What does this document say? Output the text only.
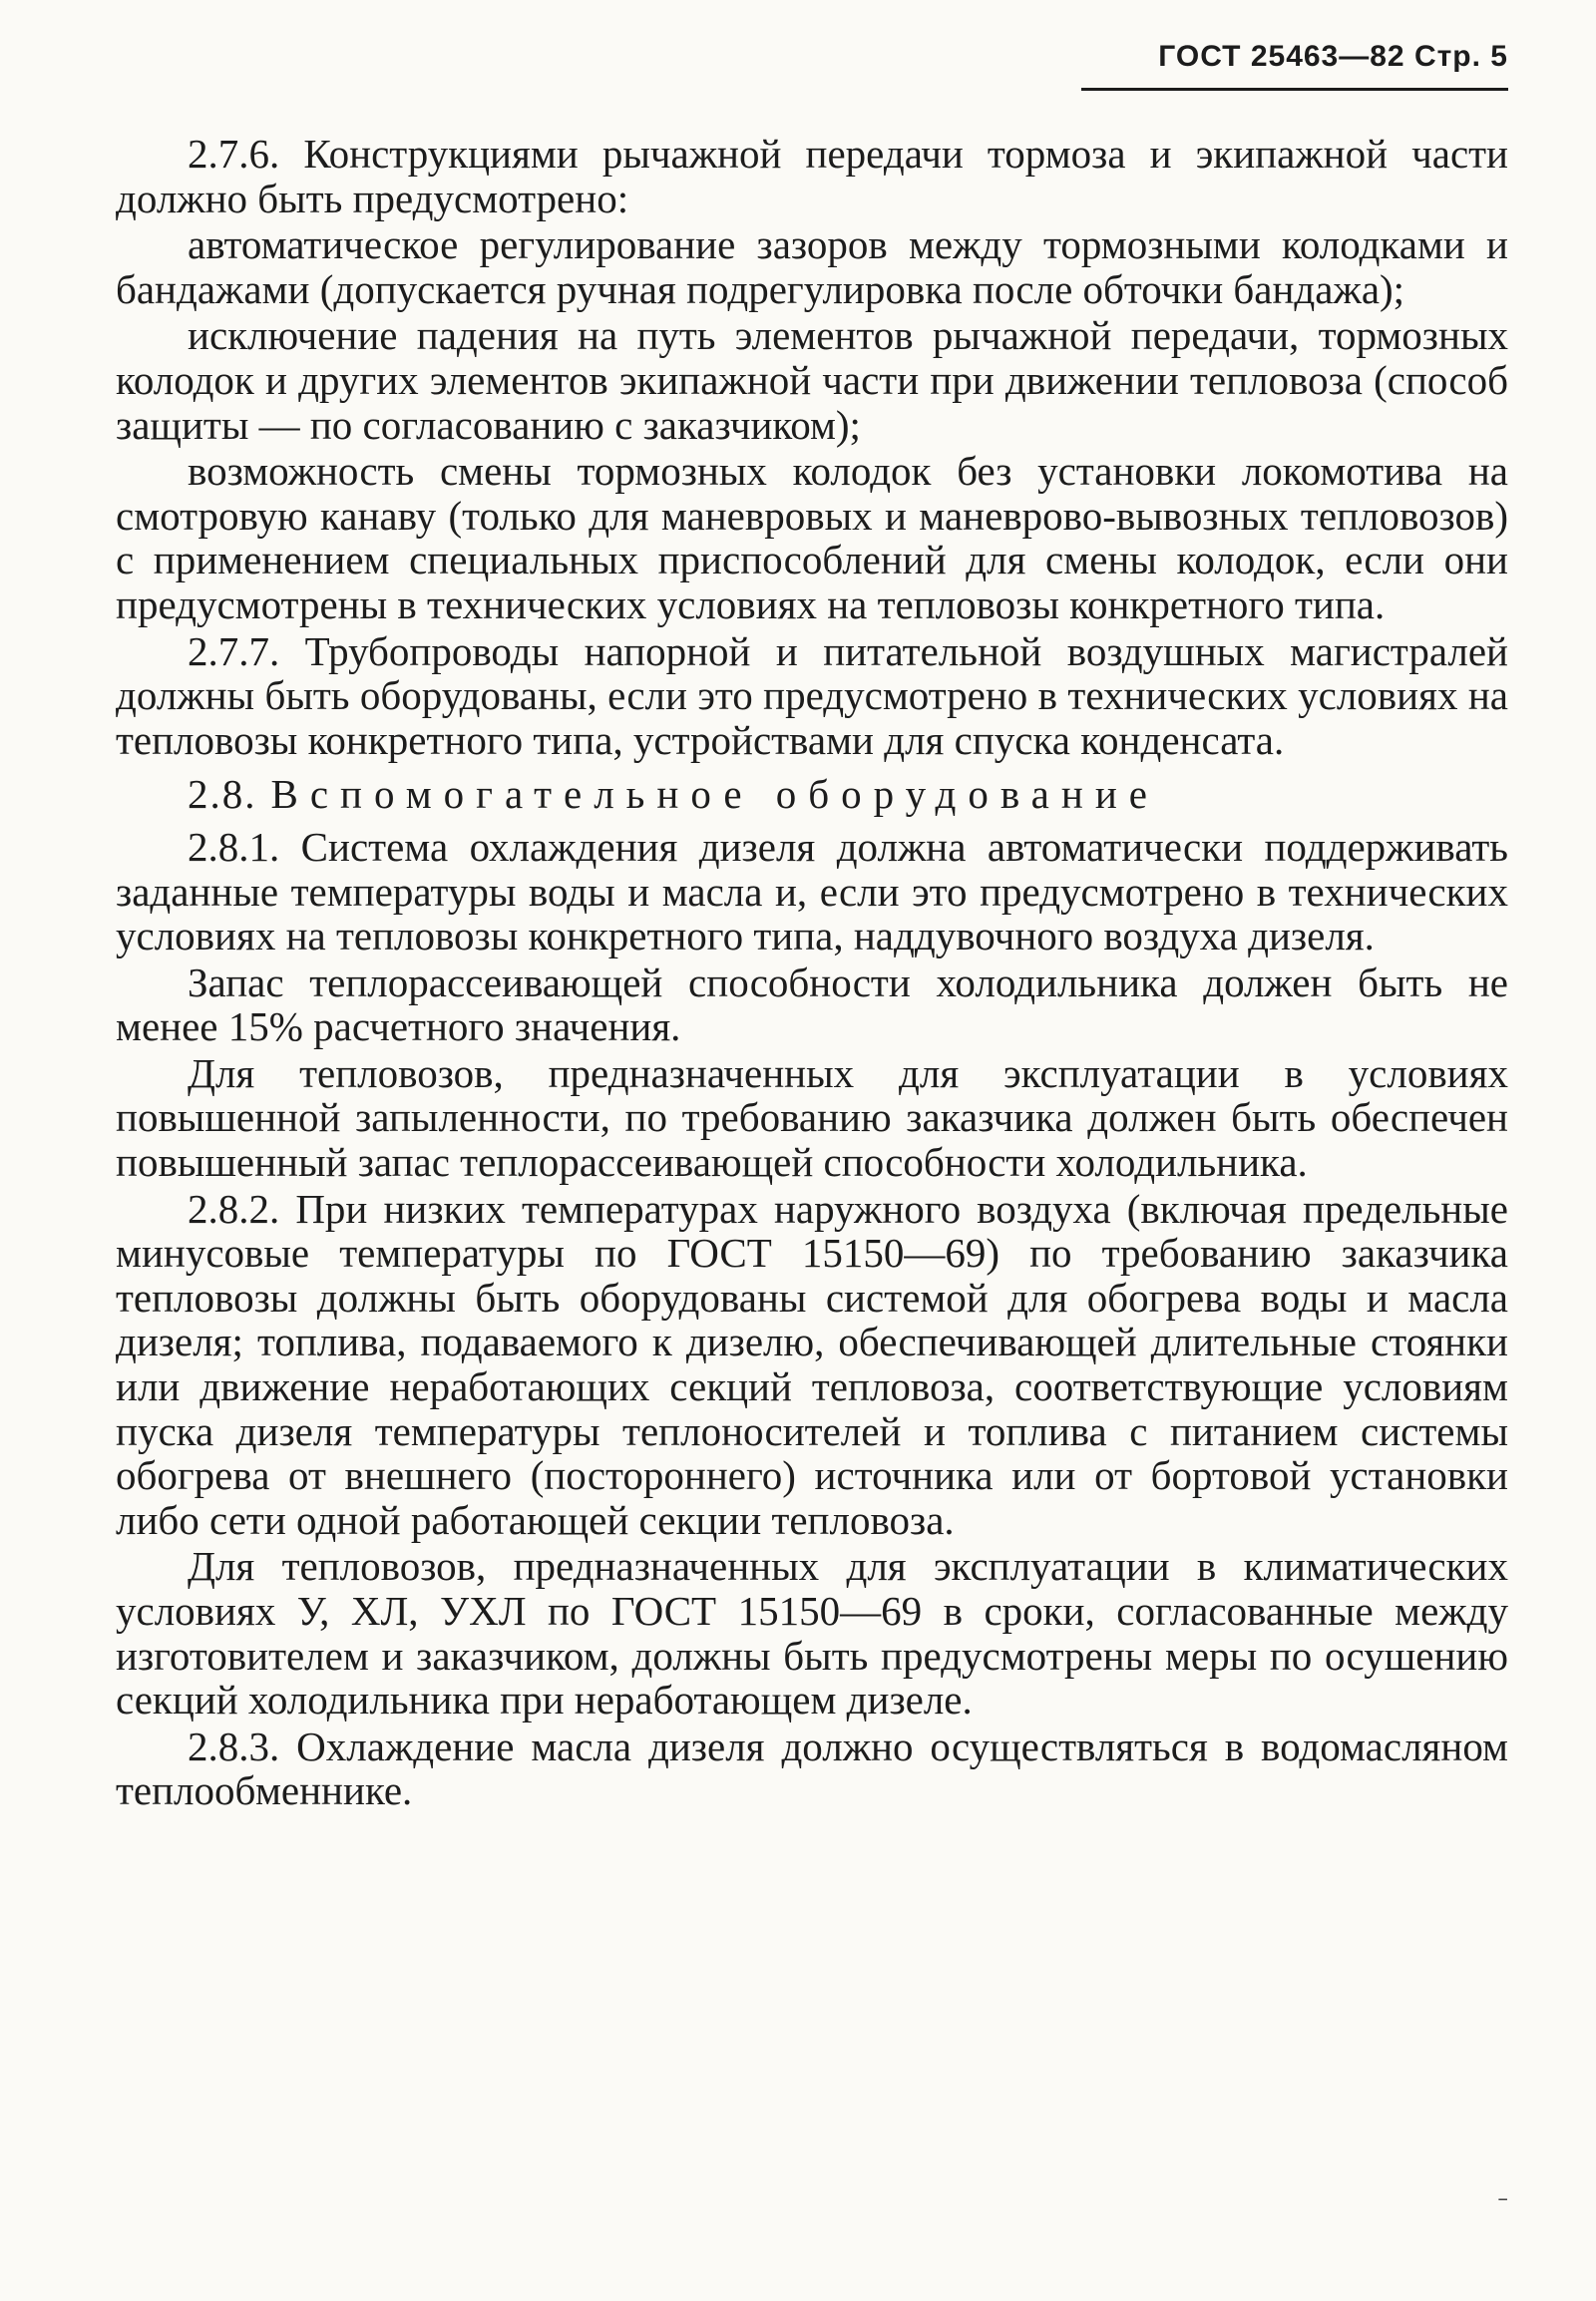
ГОСТ 25463—82 Стр. 5

2.7.6. Конструкциями рычажной передачи тормоза и экипажной части должно быть предусмотрено:

автоматическое регулирование зазоров между тормозными колодками и бандажами (допускается ручная подрегулировка после обточки бандажа);

исключение падения на путь элементов рычажной передачи, тормозных колодок и других элементов экипажной части при движении тепловоза (способ защиты — по согласованию с заказчиком);

возможность смены тормозных колодок без установки локомотива на смотровую канаву (только для маневровых и маневрово-вывозных тепловозов) с применением специальных приспособлений для смены колодок, если они предусмотрены в технических условиях на тепловозы конкретного типа.

2.7.7. Трубопроводы напорной и питательной воздушных магистралей должны быть оборудованы, если это предусмотрено в технических условиях на тепловозы конкретного типа, устройствами для спуска конденсата.

2.8. Вспомогательное оборудование

2.8.1. Система охлаждения дизеля должна автоматически поддерживать заданные температуры воды и масла и, если это предусмотрено в технических условиях на тепловозы конкретного типа, наддувочного воздуха дизеля.

Запас теплорассеивающей способности холодильника должен быть не менее 15% расчетного значения.

Для тепловозов, предназначенных для эксплуатации в условиях повышенной запыленности, по требованию заказчика должен быть обеспечен повышенный запас теплорассеивающей способности холодильника.

2.8.2. При низких температурах наружного воздуха (включая предельные минусовые температуры по ГОСТ 15150—69) по требованию заказчика тепловозы должны быть оборудованы системой для обогрева воды и масла дизеля; топлива, подаваемого к дизелю, обеспечивающей длительные стоянки или движение неработающих секций тепловоза, соответствующие условиям пуска дизеля температуры теплоносителей и топлива с питанием системы обогрева от внешнего (постороннего) источника или от бортовой установки либо сети одной работающей секции тепловоза.

Для тепловозов, предназначенных для эксплуатации в климатических условиях У, ХЛ, УХЛ по ГОСТ 15150—69 в сроки, согласованные между изготовителем и заказчиком, должны быть предусмотрены меры по осушению секций холодильника при неработающем дизеле.

2.8.3. Охлаждение масла дизеля должно осуществляться в водомасляном теплообменнике.

ˍ
